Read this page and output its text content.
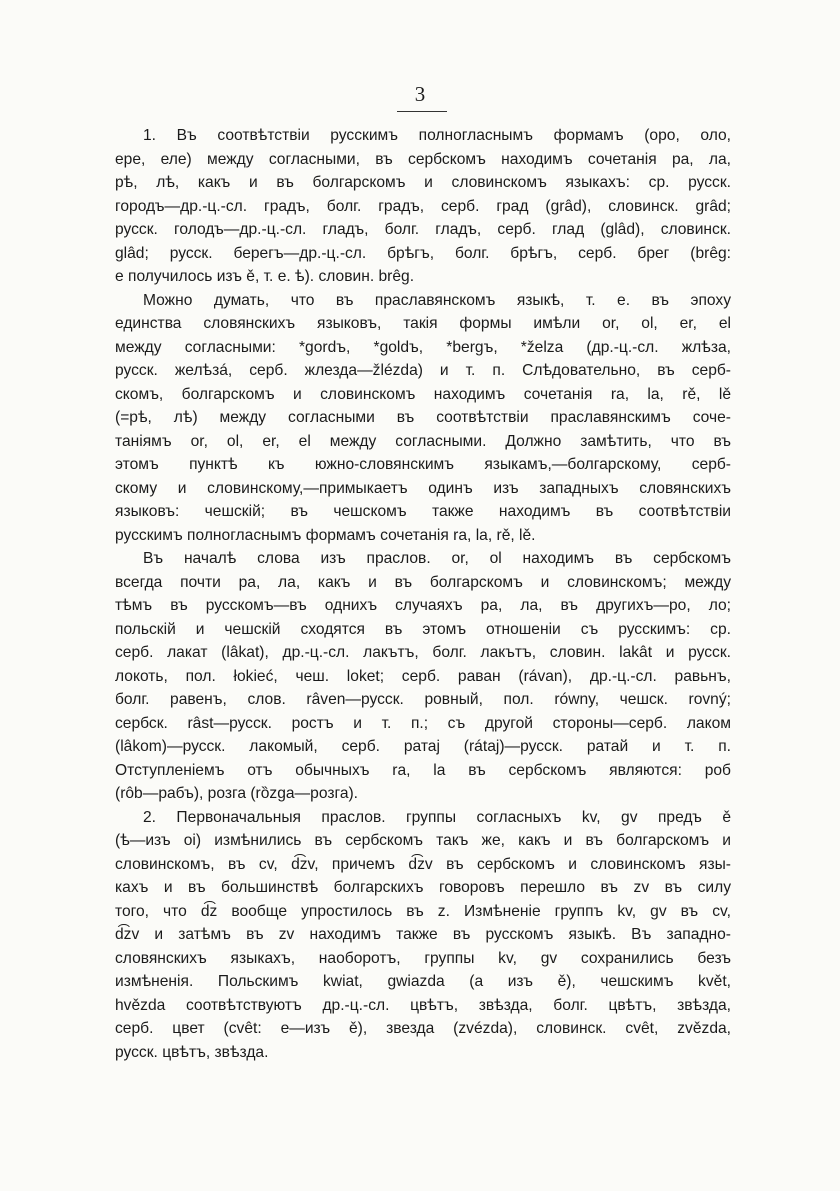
3
1. Въ соотвѣтствіи русскимъ полногласнымъ формамъ (оро, оло,
ере, еле) между согласными, въ сербскомъ находимъ сочетанія ра, ла,
рѣ, лѣ, какъ и въ болгарскомъ и словинскомъ языкахъ: ср. русск.
городъ—др.-ц.-сл. градъ, болг. градъ, серб. град (grâd), словинск. grâd;
русск. голодъ—др.-ц.-сл. гладъ, болг. гладъ, серб. глад (glâd), словинск.
glâd; русск. берегъ—др.-ц.-сл. брѣгъ, болг. брѣгъ, серб. брег (brêg:
е получилось изъ ě, т. е. ѣ). словин. brêg.
Можно думать, что въ праславянскомъ языкѣ, т. е. въ эпоху
единства словянскихъ языковъ, такія формы имѣли or, ol, er, el
между согласными: *gordъ, *goldъ, *bergъ, *želza (др.-ц.-сл. жлѣза,
русск. желѣзá, серб. жлезда—žlézda) и т. п. Слѣдовательно, въ серб-
скомъ, болгарскомъ и словинскомъ находимъ сочетанія ra, la, rě, lě
(=рѣ, лѣ) между согласными въ соотвѣтствіи праславянскимъ соче-
таніямъ or, ol, er, el между согласными. Должно замѣтить, что въ
этомъ пунктѣ къ южно-словянскимъ языкамъ,—болгарскому, серб-
скому и словинскому,—примыкаетъ одинъ изъ западныхъ словянскихъ
языковъ: чешскій; въ чешскомъ также находимъ въ соотвѣтствіи
русскимъ полногласнымъ формамъ сочетанія ra, la, rě, lě.
Въ началѣ слова изъ праслов. or, ol находимъ въ сербскомъ
всегда почти ра, ла, какъ и въ болгарскомъ и словинскомъ; между
тѣмъ въ русскомъ—въ однихъ случаяхъ ра, ла, въ другихъ—ро, ло;
польскій и чешскій сходятся въ этомъ отношеніи съ русскимъ: ср.
серб. лакат (lâkat), др.-ц.-сл. лакътъ, болг. лакътъ, словин. lakât и русск.
локоть, пол. łokieć, чеш. loket; серб. раван (rávan), др.-ц.-сл. равьнъ,
болг. равенъ, слов. râven—русск. ровный, пол. równy, чешск. rovný;
сербск. râst—русск. ростъ и т. п.; съ другой стороны—серб. лаком
(lâkom)—русск. лакомый, серб. ратај (rátaj)—русск. ратай и т. п.
Отступленіемъ отъ обычныхъ ra, la въ сербскомъ являются: роб
(rôb—рабъ), розга (rȍzga—розга).
2. Первоначальныя праслов. группы согласныхъ kv, gv предъ ě
(ѣ—изъ oi) измѣнились въ сербскомъ такъ же, какъ и въ болгарскомъ и
словинскомъ, въ cv, d͡zv, причемъ d͡zv въ сербскомъ и словинскомъ язы-
кахъ и въ большинствѣ болгарскихъ говоровъ перешло въ zv въ силу
того, что d͡z вообще упростилось въ z. Измѣненіе группъ kv, gv въ cv,
d͡zv и затѣмъ въ zv находимъ также въ русскомъ языкѣ. Въ западно-
словянскихъ языкахъ, наоборотъ, группы kv, gv сохранились безъ
измѣненія. Польскимъ kwiat, gwiazda (a изъ ě), чешскимъ květ,
hvězda соотвѣтствуютъ др.-ц.-сл. цвѣтъ, звѣзда, болг. цвѣтъ, звѣзда,
серб. цвет (cvêt: е—изъ ě), звезда (zvézda), словинск. cvêt, zvězda,
русск. цвѣтъ, звѣзда.
